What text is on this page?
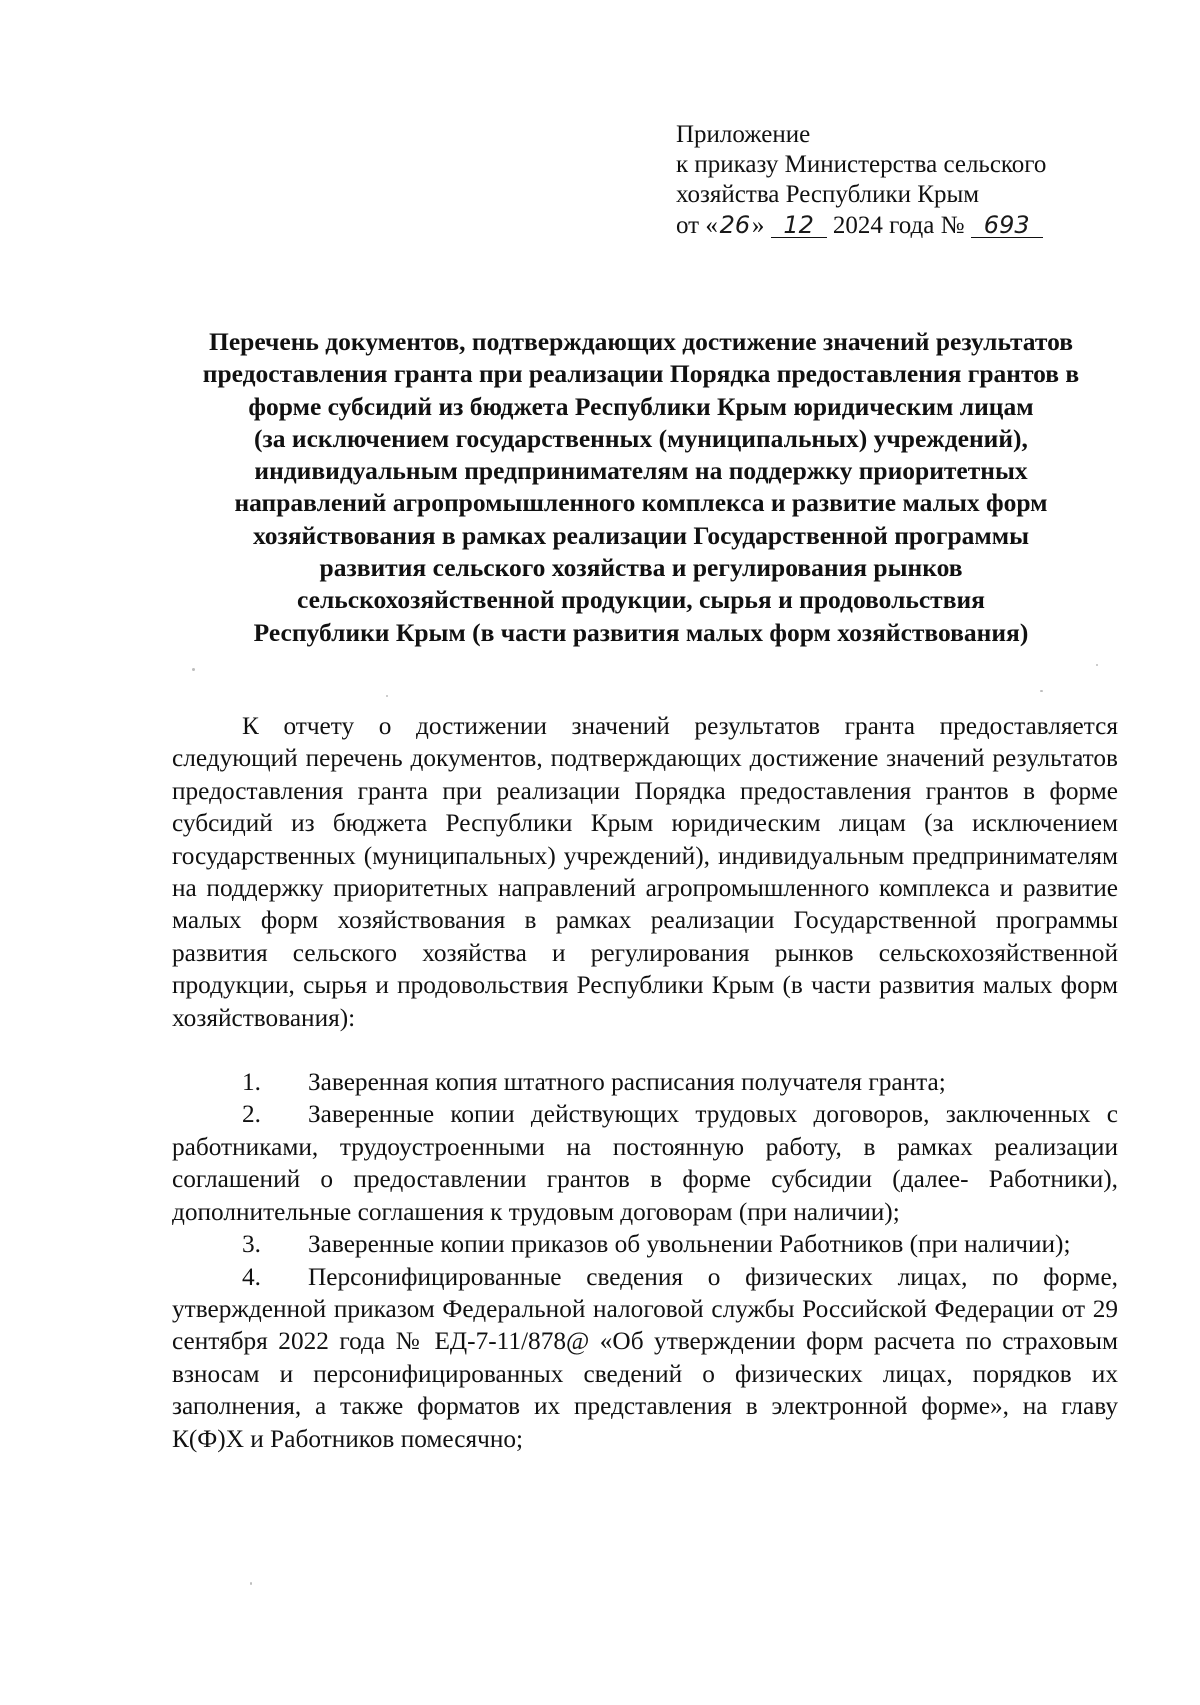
Приложение
к приказу Министерства сельского
хозяйства Республики Крым
от «26» 12 2024 года № 693
Перечень документов, подтверждающих достижение значений результатов
предоставления гранта при реализации Порядка предоставления грантов в
форме субсидий из бюджета Республики Крым юридическим лицам
(за исключением государственных (муниципальных) учреждений),
индивидуальным предпринимателям на поддержку приоритетных
направлений агропромышленного комплекса и развитие малых форм
хозяйствования в рамках реализации Государственной программы
развития сельского хозяйства и регулирования рынков
сельскохозяйственной продукции, сырья и продовольствия
Республики Крым (в части развития малых форм хозяйствования)

К отчету о достижении значений результатов гранта предоставляется следующий перечень документов, подтверждающих достижение значений результатов предоставления гранта при реализации Порядка предоставления грантов в форме субсидий из бюджета Республики Крым юридическим лицам (за исключением государственных (муниципальных) учреждений), индивидуальным предпринимателям на поддержку приоритетных направлений агропромышленного комплекса и развитие малых форм хозяйствования в рамках реализации Государственной программы развития сельского хозяйства и регулирования рынков сельскохозяйственной продукции, сырья и продовольствия Республики Крым (в части развития малых форм хозяйствования):

1. Заверенная копия штатного расписания получателя гранта;

2. Заверенные копии действующих трудовых договоров, заключенных с работниками, трудоустроенными на постоянную работу, в рамках реализации соглашений о предоставлении грантов в форме субсидии (далее- Работники), дополнительные соглашения к трудовым договорам (при наличии);

3. Заверенные копии приказов об увольнении Работников (при наличии);

4. Персонифицированные сведения о физических лицах, по форме, утвержденной приказом Федеральной налоговой службы Российской Федерации от 29 сентября 2022 года № ЕД-7-11/878@ «Об утверждении форм расчета по страховым взносам и персонифицированных сведений о физических лицах, порядков их заполнения, а также форматов их представления в электронной форме», на главу К(Ф)Х и Работников помесячно;
